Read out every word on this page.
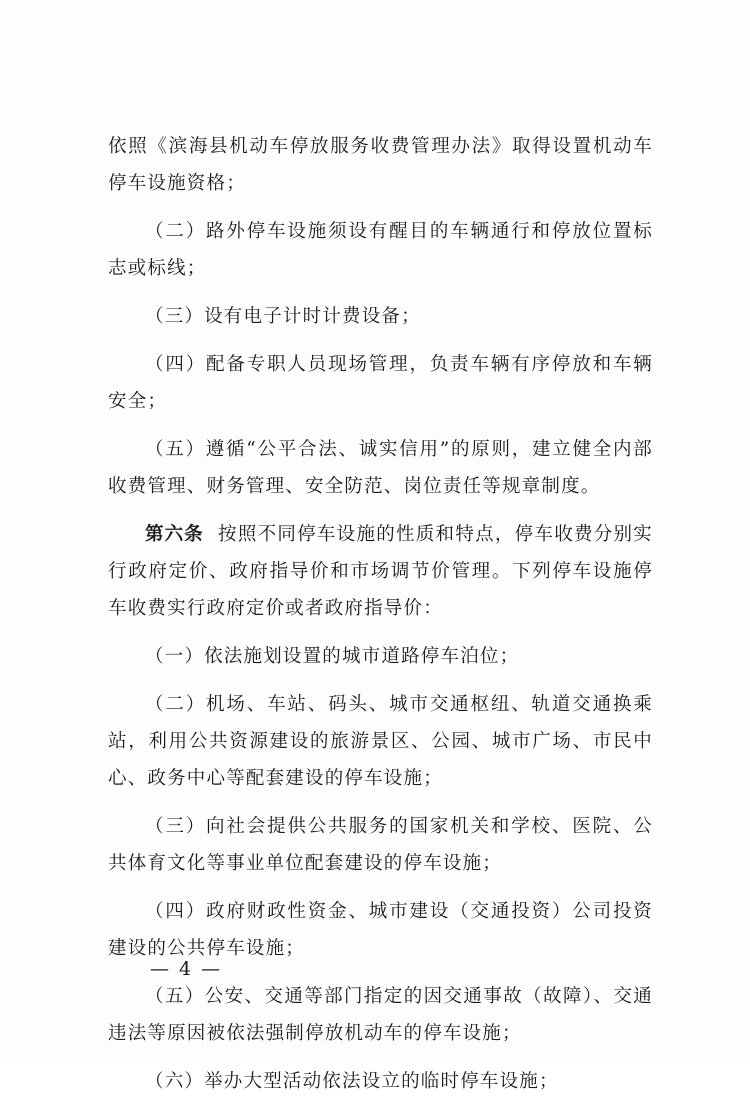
依照《滨海县机动车停放服务收费管理办法》取得设置机动车停车设施资格；

（二）路外停车设施须设有醒目的车辆通行和停放位置标志或标线；

（三）设有电子计时计费设备；

（四）配备专职人员现场管理，负责车辆有序停放和车辆安全；

（五）遵循“公平合法、诚实信用”的原则，建立健全内部收费管理、财务管理、安全防范、岗位责任等规章制度。

第六条 按照不同停车设施的性质和特点，停车收费分别实行政府定价、政府指导价和市场调节价管理。下列停车设施停车收费实行政府定价或者政府指导价：

（一）依法施划设置的城市道路停车泊位；

（二）机场、车站、码头、城市交通枢纽、轨道交通换乘站，利用公共资源建设的旅游景区、公园、城市广场、市民中心、政务中心等配套建设的停车设施；

（三）向社会提供公共服务的国家机关和学校、医院、公共体育文化等事业单位配套建设的停车设施；

（四）政府财政性资金、城市建设（交通投资）公司投资建设的公共停车设施；

（五）公安、交通等部门指定的因交通事故（故障）、交通违法等原因被依法强制停放机动车的停车设施；

（六）举办大型活动依法设立的临时停车设施；

— 4 —
